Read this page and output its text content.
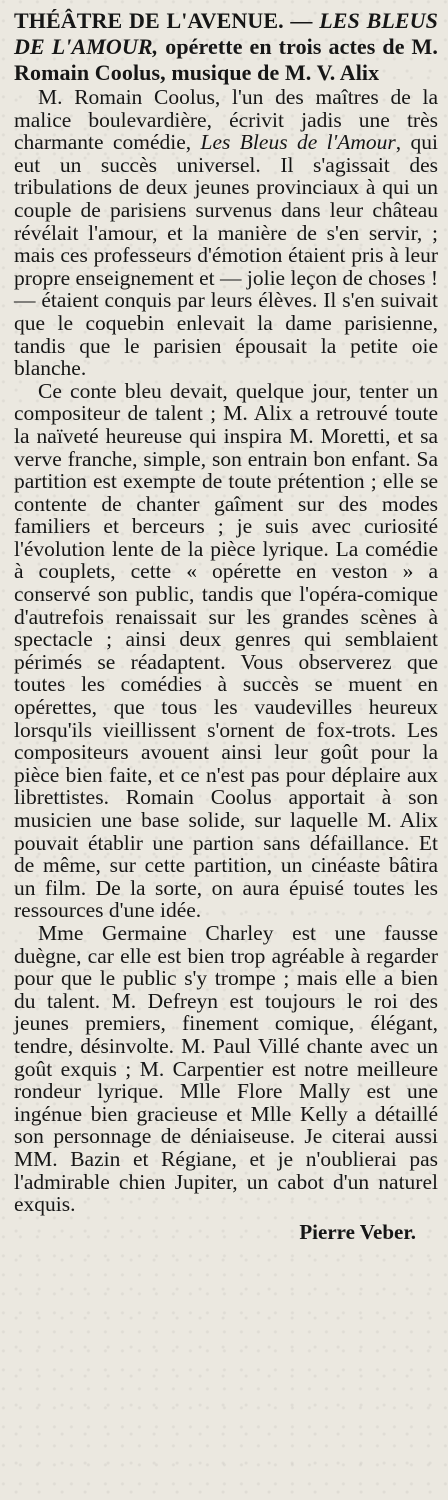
THÉÂTRE DE L'AVENUE. — LES BLEUS DE L'AMOUR, opérette en trois actes de M. Romain Coolus, musique de M. V. Alix

M. Romain Coolus, l'un des maîtres de la malice boulevardière, écrivit jadis une très charmante comédie, Les Bleus de l'Amour, qui eut un succès universel. Il s'agissait des tribulations de deux jeunes provinciaux à qui un couple de parisiens survenus dans leur château révélait l'amour, et la manière de s'en servir, ; mais ces professeurs d'émotion étaient pris à leur propre enseignement et — jolie leçon de choses ! — étaient conquis par leurs élèves. Il s'en suivait que le coquebin enlevait la dame parisienne, tandis que le parisien épousait la petite oie blanche.

Ce conte bleu devait, quelque jour, tenter un compositeur de talent ; M. Alix a retrouvé toute la naïveté heureuse qui inspira M. Moretti, et sa verve franche, simple, son entrain bon enfant. Sa partition est exempte de toute prétention ; elle se contente de chanter gaîment sur des modes familiers et berceurs ; je suis avec curiosité l'évolution lente de la pièce lyrique. La comédie à couplets, cette « opérette en veston » a conservé son public, tandis que l'opéra-comique d'autrefois renaissait sur les grandes scènes à spectacle ; ainsi deux genres qui semblaient périmés se réadaptent. Vous observerez que toutes les comédies à succès se muent en opérettes, que tous les vaudevilles heureux lorsqu'ils vieillissent s'ornent de fox-trots. Les compositeurs avouent ainsi leur goût pour la pièce bien faite, et ce n'est pas pour déplaire aux librettistes. Romain Coolus apportait à son musicien une base solide, sur laquelle M. Alix pouvait établir une partion sans défaillance. Et de même, sur cette partition, un cinéaste bâtira un film. De la sorte, on aura épuisé toutes les ressources d'une idée.

Mme Germaine Charley est une fausse duègne, car elle est bien trop agréable à regarder pour que le public s'y trompe ; mais elle a bien du talent. M. Defreyn est toujours le roi des jeunes premiers, finement comique, élégant, tendre, désinvolte. M. Paul Villé chante avec un goût exquis ; M. Carpentier est notre meilleure rondeur lyrique. Mlle Flore Mally est une ingénue bien gracieuse et Mlle Kelly a détaillé son personnage de déniaiseuse. Je citerai aussi MM. Bazin et Régiane, et je n'oublierai pas l'admirable chien Jupiter, un cabot d'un naturel exquis.

Pierre Veber.
